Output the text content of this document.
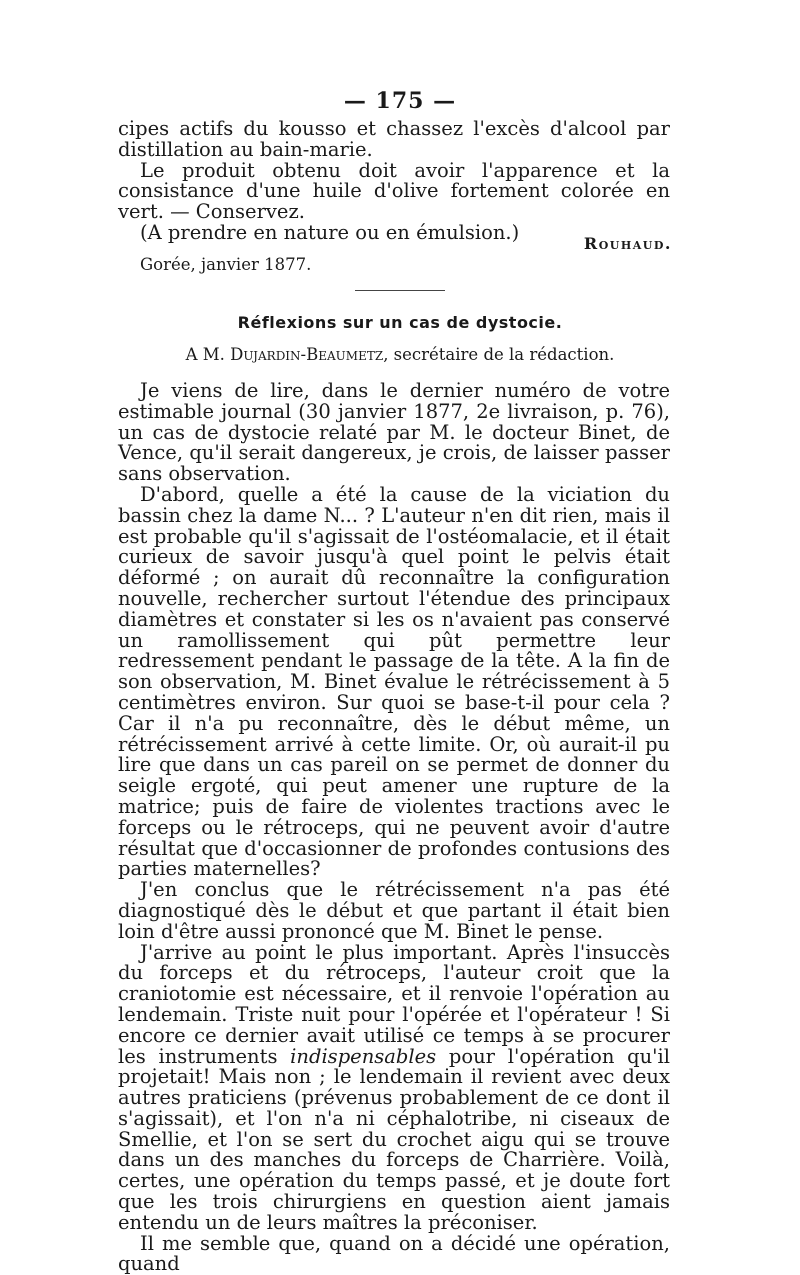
— 175 —

cipes actifs du kousso et chassez l'excès d'alcool par distillation au bain-marie.

Le produit obtenu doit avoir l'apparence et la consistance d'une huile d'olive fortement colorée en vert. — Conservez.

(A prendre en nature ou en émulsion.)	Rouhaud.
Gorée, janvier 1877.
Réflexions sur un cas de dystocie.
A M. Dujardin-Beaumetz, secrétaire de la rédaction.

Je viens de lire, dans le dernier numéro de votre estimable journal (30 janvier 1877, 2e livraison, p. 76), un cas de dystocie relaté par M. le docteur Binet, de Vence, qu'il serait dangereux, je crois, de laisser passer sans observation.

D'abord, quelle a été la cause de la viciation du bassin chez la dame N... ? L'auteur n'en dit rien, mais il est probable qu'il s'agissait de l'ostéomalacie, et il était curieux de savoir jusqu'à quel point le pelvis était déformé ; on aurait dû reconnaître la configuration nouvelle, rechercher surtout l'étendue des principaux diamètres et constater si les os n'avaient pas conservé un ramollissement qui pût permettre leur redressement pendant le passage de la tête. A la fin de son observation, M. Binet évalue le rétrécissement à 5 centimètres environ. Sur quoi se base-t-il pour cela ? Car il n'a pu reconnaître, dès le début même, un rétrécissement arrivé à cette limite. Or, où aurait-il pu lire que dans un cas pareil on se permet de donner du seigle ergoté, qui peut amener une rupture de la matrice; puis de faire de violentes tractions avec le forceps ou le rétroceps, qui ne peuvent avoir d'autre résultat que d'occasionner de profondes contusions des parties maternelles?

J'en conclus que le rétrécissement n'a pas été diagnostiqué dès le début et que partant il était bien loin d'être aussi prononcé que M. Binet le pense.

J'arrive au point le plus important. Après l'insuccès du forceps et du rétroceps, l'auteur croit que la craniotomie est nécessaire, et il renvoie l'opération au lendemain. Triste nuit pour l'opérée et l'opérateur ! Si encore ce dernier avait utilisé ce temps à se procurer les instruments indispensables pour l'opération qu'il projetait! Mais non ; le lendemain il revient avec deux autres praticiens (prévenus probablement de ce dont il s'agissait), et l'on n'a ni céphalotribe, ni ciseaux de Smellie, et l'on se sert du crochet aigu qui se trouve dans un des manches du forceps de Charrière. Voilà, certes, une opération du temps passé, et je doute fort que les trois chirurgiens en question aient jamais entendu un de leurs maîtres la préconiser.

Il me semble que, quand on a décidé une opération, quand
